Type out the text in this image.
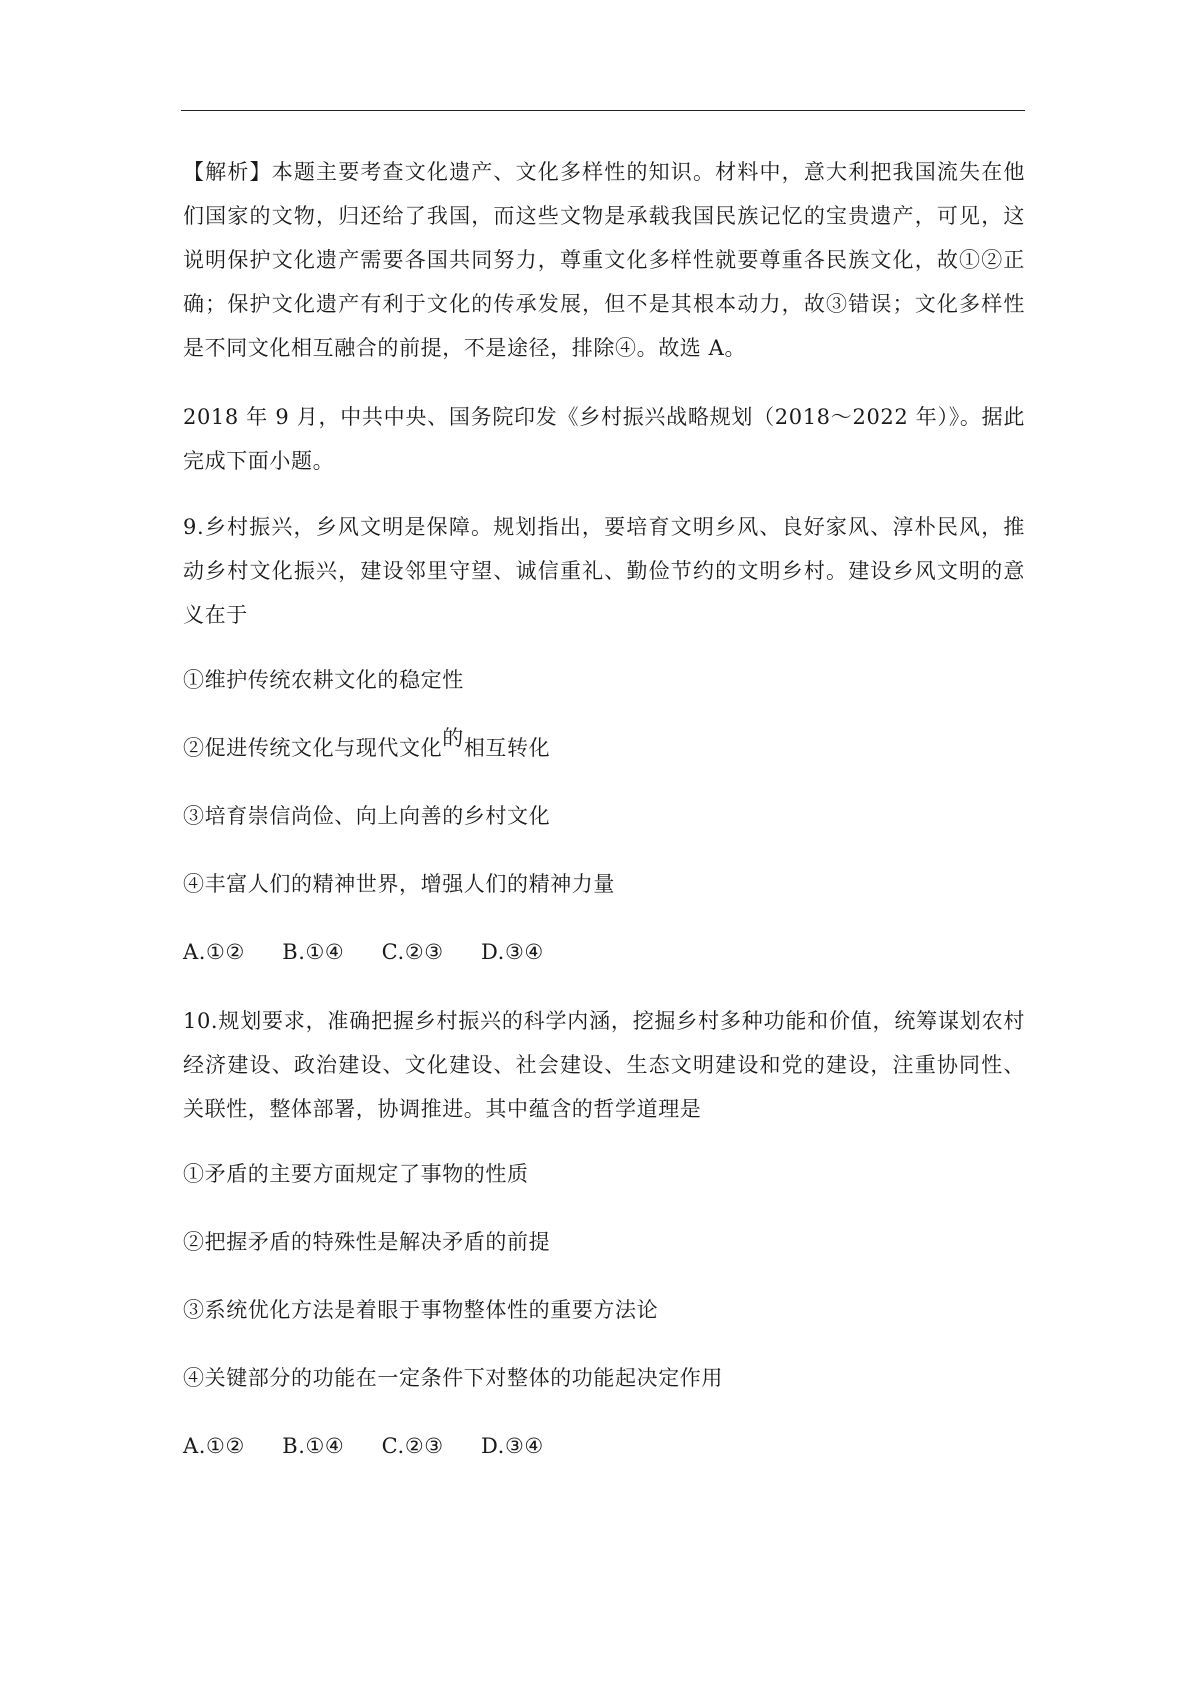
【解析】本题主要考查文化遗产、文化多样性的知识。材料中，意大利把我国流失在他们国家的文物，归还给了我国，而这些文物是承载我国民族记忆的宝贵遗产，可见，这说明保护文化遗产需要各国共同努力，尊重文化多样性就要尊重各民族文化，故①②正确；保护文化遗产有利于文化的传承发展，但不是其根本动力，故③错误；文化多样性是不同文化相互融合的前提，不是途径，排除④。故选 A。

2018 年 9 月，中共中央、国务院印发《乡村振兴战略规划（2018～2022 年）》。据此完成下面小题。

9.乡村振兴，乡风文明是保障。规划指出，要培育文明乡风、良好家风、淳朴民风，推动乡村文化振兴，建设邻里守望、诚信重礼、勤俭节约的文明乡村。建设乡风文明的意义在于

①维护传统农耕文化的稳定性

②促进传统文化与现代文化的相互转化

③培育崇信尚俭、向上向善的乡村文化

④丰富人们的精神世界，增强人们的精神力量

A.①② B.①④ C.②③ D.③④

10.规划要求，准确把握乡村振兴的科学内涵，挖掘乡村多种功能和价值，统筹谋划农村经济建设、政治建设、文化建设、社会建设、生态文明建设和党的建设，注重协同性、关联性，整体部署，协调推进。其中蕴含的哲学道理是

①矛盾的主要方面规定了事物的性质

②把握矛盾的特殊性是解决矛盾的前提

③系统优化方法是着眼于事物整体性的重要方法论

④关键部分的功能在一定条件下对整体的功能起决定作用

A.①② B.①④ C.②③ D.③④
